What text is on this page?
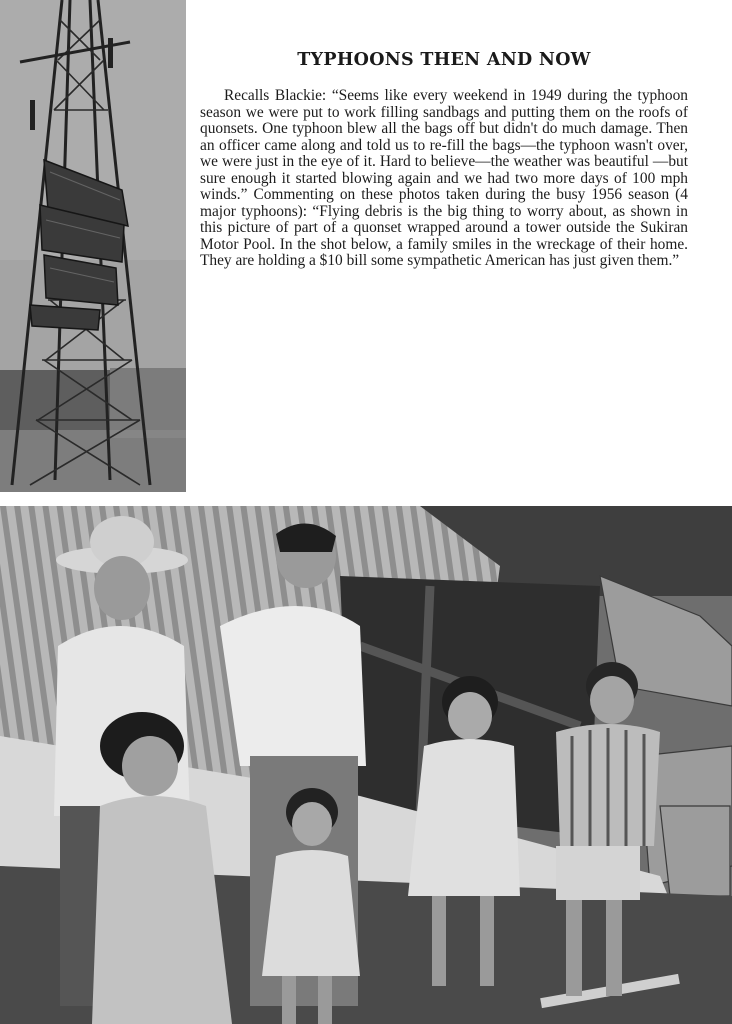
TYPHOONS THEN AND NOW

Recalls Blackie: “Seems like every weekend in 1949 during the typhoon season we were put to work filling sandbags and putting them on the roofs of quonsets. One typhoon blew all the bags off but didn't do much damage. Then an officer came along and told us to re-fill the bags—the typhoon wasn't over, we were just in the eye of it. Hard to believe—the weather was beautiful —but sure enough it started blowing again and we had two more days of 100 mph winds.” Commenting on these photos taken during the busy 1956 season (4 major typhoons): “Flying debris is the big thing to worry about, as shown in this picture of part of a quonset wrapped around a tower outside the Sukiran Motor Pool. In the shot below, a family smiles in the wreckage of their home. They are holding a $10 bill some sympathetic American has just given them.”
